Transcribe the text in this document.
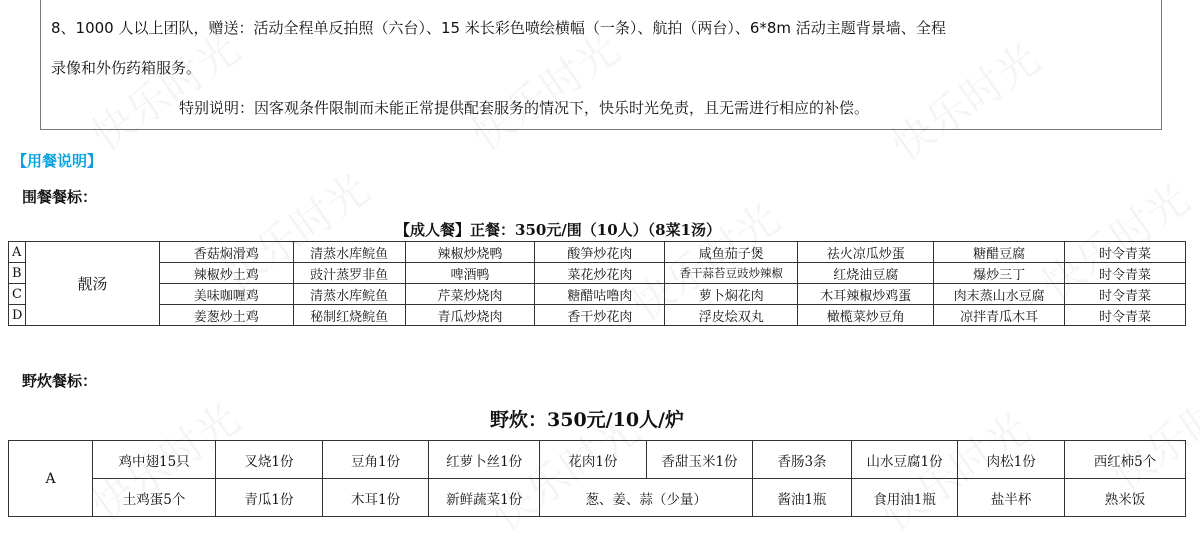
8、1000 人以上团队，赠送：活动全程单反拍照（六台）、15 米长彩色喷绘横幅（一条）、航拍（两台）、6*8m 活动主题背景墙、全程
录像和外伤药箱服务。
特别说明：因客观条件限制而未能正常提供配套服务的情况下，快乐时光免责，且无需进行相应的补偿。
【用餐说明】
围餐餐标：
【成人餐】正餐：350元/围（10人）（8菜1汤）
A	靓汤	香菇焖滑鸡	清蒸水库鲩鱼	辣椒炒烧鸭	酸笋炒花肉	咸鱼茄子煲	祛火凉瓜炒蛋	糖醋豆腐	时令青菜
B		辣椒炒土鸡	豉汁蒸罗非鱼	啤酒鸭	菜花炒花肉	香干蒜苔豆豉炒辣椒	红烧油豆腐	爆炒三丁	时令青菜
C		美味咖喱鸡	清蒸水库鲩鱼	芹菜炒烧肉	糖醋咕噜肉	萝卜焖花肉	木耳辣椒炒鸡蛋	肉末蒸山水豆腐	时令青菜
D		姜葱炒土鸡	秘制红烧鲩鱼	青瓜炒烧肉	香干炒花肉	浮皮烩双丸	橄榄菜炒豆角	凉拌青瓜木耳	时令青菜
野炊餐标：
野炊：350元/10人/炉
A	鸡中翅15只	叉烧1份	豆角1份	红萝卜丝1份	花肉1份	香甜玉米1份	香肠3条	山水豆腐1份	肉松1份	西红柿5个
	土鸡蛋5个	青瓜1份	木耳1份	新鲜蔬菜1份	葱、姜、蒜（少量）		酱油1瓶	食用油1瓶	盐半杯	熟米饭
